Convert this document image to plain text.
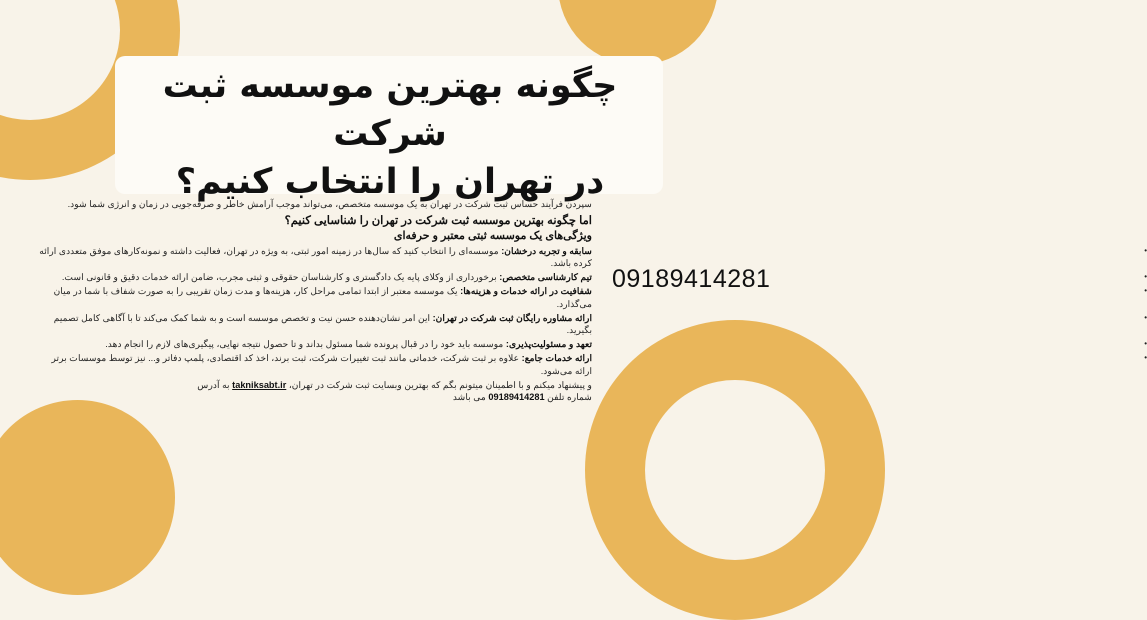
چگونه بهترین موسسه ثبت شرکت
در تهران را انتخاب کنیم؟
09189414281

سپردن فرآیند حساس ثبت شرکت در تهران به یک موسسه متخصص، می‌تواند موجب آرامش خاطر و صرفه‌جویی در زمان و انرژی شما شود.

اما چگونه بهترین موسسه ثبت شرکت در تهران را شناسایی کنیم؟
ویژگی‌های یک موسسه ثبتی معتبر و حرفه‌ای
•
سابقه و تجربه درخشان: موسسه‌ای را انتخاب کنید که سال‌ها در زمینه امور ثبتی، به ویژه در تهران، فعالیت داشته و نمونه‌کارهای موفق متعددی ارائه کرده باشد.
•
تیم کارشناسی متخصص: برخورداری از وکلای پایه یک دادگستری و کارشناسان حقوقی و ثبتی مجرب، ضامن ارائه خدمات دقیق و قانونی است.
•
شفافیت در ارائه خدمات و هزینه‌ها: یک موسسه معتبر از ابتدا تمامی مراحل کار، هزینه‌ها و مدت زمان تقریبی را به صورت شفاف با شما در میان می‌گذارد.
•
ارائه مشاوره رایگان ثبت شرکت در تهران: این امر نشان‌دهنده حسن نیت و تخصص موسسه است و به شما کمک می‌کند تا با آگاهی کامل تصمیم بگیرید.
•
تعهد و مسئولیت‌پذیری: موسسه باید خود را در قبال پرونده شما مسئول بداند و تا حصول نتیجه نهایی، پیگیری‌های لازم را انجام دهد.
•
ارائه خدمات جامع: علاوه بر ثبت شرکت، خدماتی مانند ثبت تغییرات شرکت، ثبت برند، اخذ کد اقتصادی، پلمپ دفاتر و... نیز توسط موسسات برتر ارائه می‌شود.

و پیشنهاد میکنم و با اطمینان میتونم بگم که بهترین وبسایت ثبت شرکت در تهران، takniksabt.ir به آدرس
شماره تلفن 09189414281 می باشد
